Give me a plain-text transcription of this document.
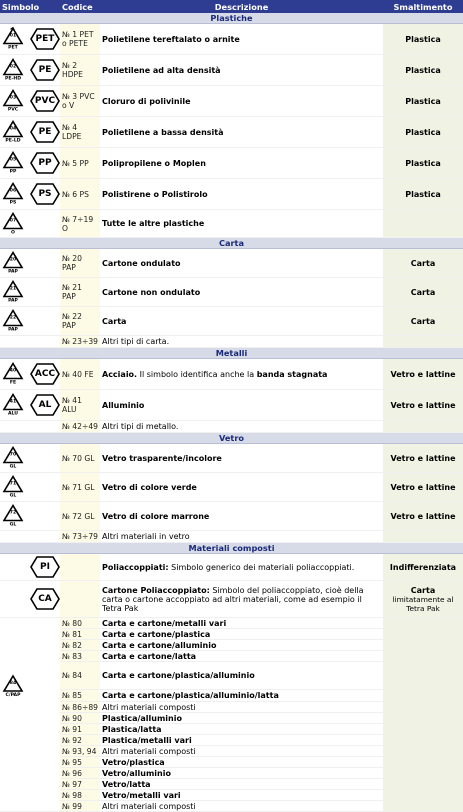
Simbolo	Codice	Descrizione	Smaltimento
Plastiche			

01
PET
PET	№ 1 PET o PETE	Polietilene tereftalato o arnite	Plastica

02
PE-HD
PE	№ 2 HDPE	Polietilene ad alta densità	Plastica

03
PVC
PVC	№ 3 PVC o V	Cloruro di polivinile	Plastica

04
PE-LD
PE	№ 4 LDPE	Polietilene a bassa densità	Plastica

05
PP
PP	№ 5 PP	Polipropilene o Moplen	Plastica

06
PS
PS	№ 6 PS	Polistirene o Polistirolo	Plastica

07
O	№ 7÷19 O	Tutte le altre plastiche	
Carta			

20
PAP	№ 20 PAP	Cartone ondulato	Carta

21
PAP	№ 21 PAP	Cartone non ondulato	Carta

22
PAP	№ 22 PAP	Carta	Carta
	№ 23÷39	Altri tipi di carta.	
Metalli			

40
FE
ACC	№ 40 FE	Acciaio. Il simbolo identifica anche la banda stagnata	Vetro e lattine

41
ALU
AL	№ 41 ALU	Alluminio	Vetro e lattine
	№ 42÷49	Altri tipi di metallo.	
Vetro			

70
GL	№ 70 GL	Vetro trasparente/incolore	Vetro e lattine

71
GL	№ 71 GL	Vetro di colore verde	Vetro e lattine

72
GL	№ 72 GL	Vetro di colore marrone	Vetro e lattine
	№ 73÷79	Altri materiali in vetro	
Materiali composti			

PI		Poliaccoppiati: Simbolo generico dei materiali poliaccoppiati.	Indifferenziata

CA		Cartone Poliaccoppiato: Simbolo del poliaccoppiato, cioè della carta o cartone accoppiato ad altri materiali, come ad esempio il Tetra Pak	Carta
limitatamente al Tetra Pak

84
C/PAP	№ 80	Carta e cartone/metalli vari	
	№ 81	Carta e cartone/plastica	
	№ 82	Carta e cartone/alluminio	
	№ 83	Carta e cartone/latta	
	№ 84	Carta e cartone/plastica/alluminio	
	№ 85	Carta e cartone/plastica/alluminio/latta	
	№ 86÷89	Altri materiali composti	
	№ 90	Plastica/alluminio	
	№ 91	Plastica/latta	
	№ 92	Plastica/metalli vari	
	№ 93, 94	Altri materiali composti	
	№ 95	Vetro/plastica	
	№ 96	Vetro/alluminio	
	№ 97	Vetro/latta	
	№ 98	Vetro/metalli vari	
	№ 99	Altri materiali composti	
